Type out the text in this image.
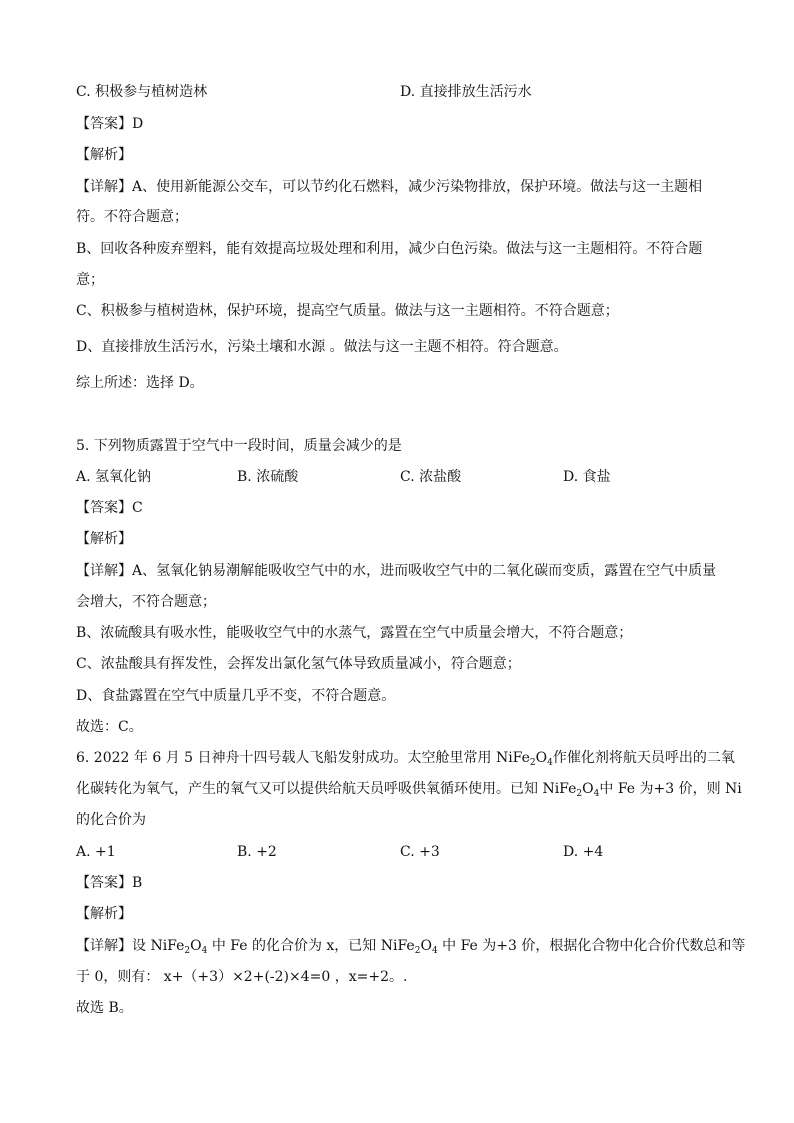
C. 积极参与植树造林	D. 直接排放生活污水
【答案】D
【解析】
【详解】A、使用新能源公交车，可以节约化石燃料，减少污染物排放，保护环境。做法与这一主题相
符。不符合题意；
B、回收各种废弃塑料，能有效提高垃圾处理和利用，减少白色污染。做法与这一主题相符。不符合题
意；
C、积极参与植树造林，保护环境，提高空气质量。做法与这一主题相符。不符合题意；
D、直接排放生活污水，污染土壤和水源 。做法与这一主题不相符。符合题意。
综上所述：选择 D。
5. 下列物质露置于空气中一段时间，质量会减少的是
A. 氢氧化钠	B. 浓硫酸	C. 浓盐酸	D. 食盐
【答案】C
【解析】
【详解】A、氢氧化钠易潮解能吸收空气中的水，进而吸收空气中的二氧化碳而变质，露置在空气中质量
会增大，不符合题意；
B、浓硫酸具有吸水性，能吸收空气中的水蒸气，露置在空气中质量会增大，不符合题意；
C、浓盐酸具有挥发性，会挥发出氯化氢气体导致质量减小，符合题意；
D、食盐露置在空气中质量几乎不变，不符合题意。
故选：C。
6. 2022 年 6 月 5 日神舟十四号载人飞船发射成功。太空舱里常用 $NiFe_2O_4$作催化剂将航天员呼出的二氧
化碳转化为氧气，产生的氧气又可以提供给航天员呼吸供氧循环使用。已知 $NiFe_2O_4$中 Fe 为+3 价，则 Ni
的化合价为
A. +1	B. +2	C. +3	D. +4
【答案】B
【解析】
【详解】设 $NiFe_2O_4$ 中 Fe 的化合价为 x，已知 $NiFe_2O_4$ 中 Fe 为+3 价，根据化合物中化合价代数总和等
于 0，则有： x+（+3）×2+(-2)×4=0 ，x=+2。.
故选 B。
